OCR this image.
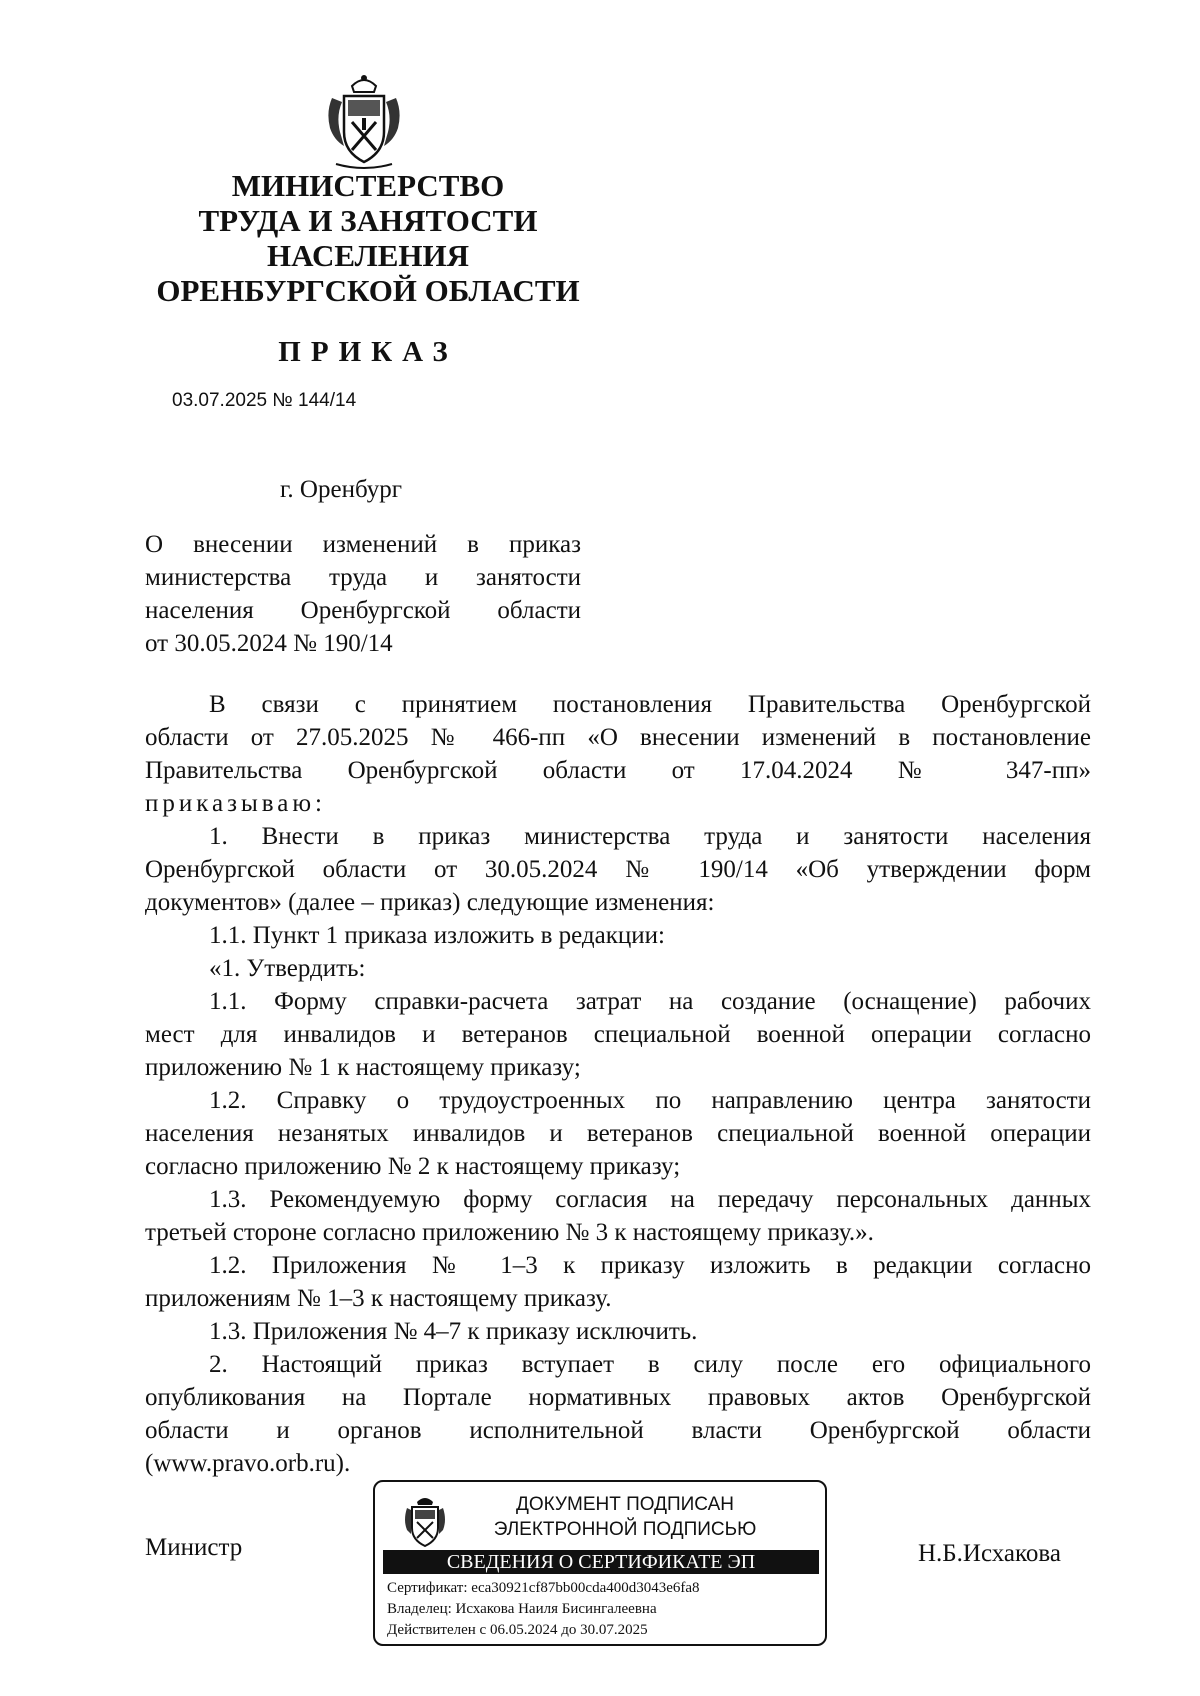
МИНИСТЕРСТВО
ТРУДА И ЗАНЯТОСТИ
НАСЕЛЕНИЯ
ОРЕНБУРГСКОЙ ОБЛАСТИ
ПРИКАЗ
03.07.2025 № 144/14
г. Оренбург
О внесении изменений в приказ
министерства труда и занятости
населения Оренбургской области
от 30.05.2024 № 190/14
В связи с принятием постановления Правительства Оренбургской
области от 27.05.2025 № 466-пп «О внесении изменений в постановление
Правительства Оренбургской области от 17.04.2024 № 347-пп»
приказываю:
1. Внести в приказ министерства труда и занятости населения
Оренбургской области от 30.05.2024 № 190/14 «Об утверждении форм
документов» (далее – приказ) следующие изменения:
1.1. Пункт 1 приказа изложить в редакции:
«1. Утвердить:
1.1. Форму справки-расчета затрат на создание (оснащение) рабочих
мест для инвалидов и ветеранов специальной военной операции согласно
приложению № 1 к настоящему приказу;
1.2. Справку о трудоустроенных по направлению центра занятости
населения незанятых инвалидов и ветеранов специальной военной операции
согласно приложению № 2 к настоящему приказу;
1.3. Рекомендуемую форму согласия на передачу персональных данных
третьей стороне согласно приложению № 3 к настоящему приказу.».
1.2. Приложения № 1–3 к приказу изложить в редакции согласно
приложениям № 1–3 к настоящему приказу.
1.3. Приложения № 4–7 к приказу исключить.
2. Настоящий приказ вступает в силу после его официального
опубликования на Портале нормативных правовых актов Оренбургской
области и органов исполнительной власти Оренбургской области
(www.pravo.orb.ru).
Министр
ДОКУМЕНТ ПОДПИСАН
ЭЛЕКТРОННОЙ ПОДПИСЬЮ
СВЕДЕНИЯ О СЕРТИФИКАТЕ ЭП
Сертификат: eca30921cf87bb00cda400d3043e6fa8
Владелец: Исхакова Наиля Бисингалеевна
Действителен с 06.05.2024 до 30.07.2025
Н.Б.Исхакова
